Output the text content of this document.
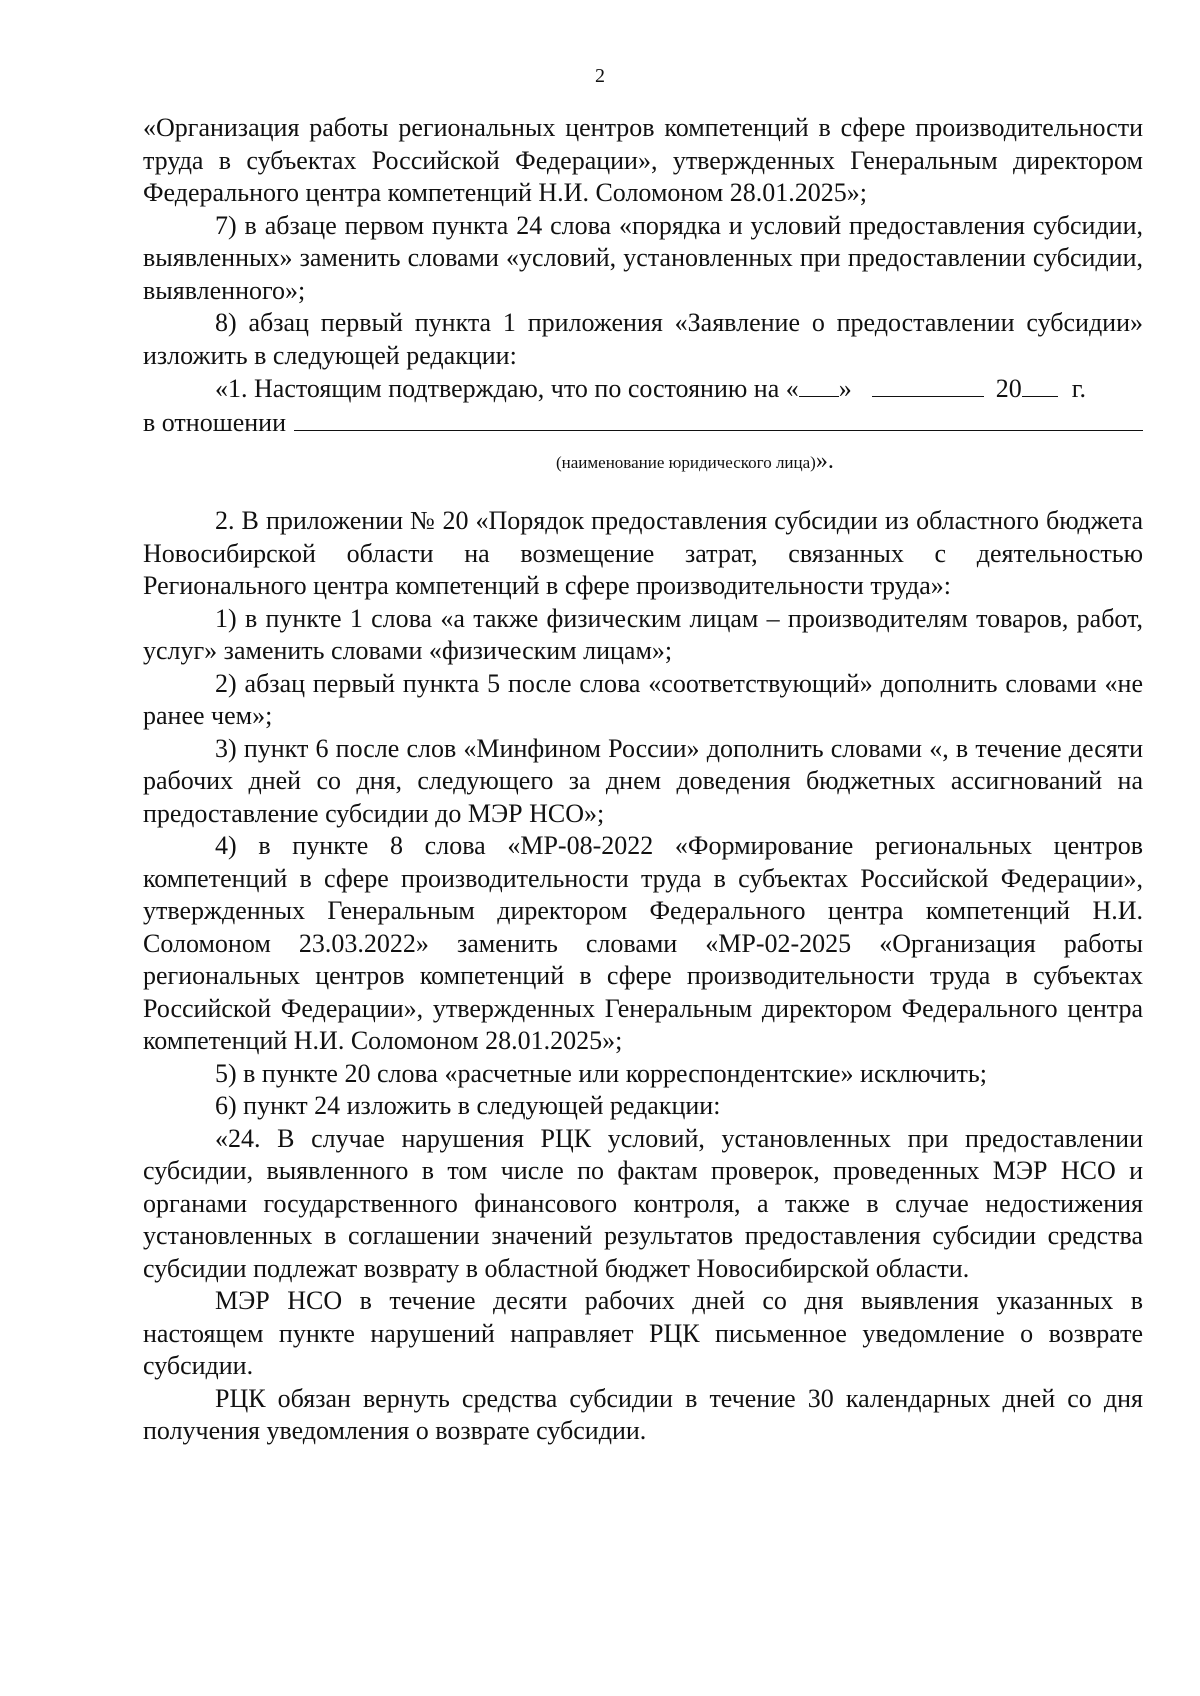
2

«Организация работы региональных центров компетенций в сфере производительности труда в субъектах Российской Федерации», утвержденных Генеральным директором Федерального центра компетенций Н.И. Соломоном 28.01.2025»;

7) в абзаце первом пункта 24 слова «порядка и условий предоставления субсидии, выявленных» заменить словами «условий, установленных при предоставлении субсидии, выявленного»;

8) абзац первый пункта 1 приложения «Заявление о предоставлении субсидии» изложить в следующей редакции:

«1. Настоящим подтверждаю, что по состоянию на « »	20 г.
в отношении
(наименование юридического лица)».

2. В приложении № 20 «Порядок предоставления субсидии из областного бюджета Новосибирской области на возмещение затрат, связанных с деятельностью Регионального центра компетенций в сфере производительности труда»:

1) в пункте 1 слова «а также физическим лицам – производителям товаров, работ, услуг» заменить словами «физическим лицам»;

2) абзац первый пункта 5 после слова «соответствующий» дополнить словами «не ранее чем»;

3) пункт 6 после слов «Минфином России» дополнить словами «, в течение десяти рабочих дней со дня, следующего за днем доведения бюджетных ассигнований на предоставление субсидии до МЭР НСО»;

4) в пункте 8 слова «МР-08-2022 «Формирование региональных центров компетенций в сфере производительности труда в субъектах Российской Федерации», утвержденных Генеральным директором Федерального центра компетенций Н.И. Соломоном 23.03.2022» заменить словами «МР-02-2025 «Организация работы региональных центров компетенций в сфере производительности труда в субъектах Российской Федерации», утвержденных Генеральным директором Федерального центра компетенций Н.И. Соломоном 28.01.2025»;

5) в пункте 20 слова «расчетные или корреспондентские» исключить;

6) пункт 24 изложить в следующей редакции:

«24. В случае нарушения РЦК условий, установленных при предоставлении субсидии, выявленного в том числе по фактам проверок, проведенных МЭР НСО и органами государственного финансового контроля, а также в случае недостижения установленных в соглашении значений результатов предоставления субсидии средства субсидии подлежат возврату в областной бюджет Новосибирской области.

МЭР НСО в течение десяти рабочих дней со дня выявления указанных в настоящем пункте нарушений направляет РЦК письменное уведомление о возврате субсидии.

РЦК обязан вернуть средства субсидии в течение 30 календарных дней со дня получения уведомления о возврате субсидии.
